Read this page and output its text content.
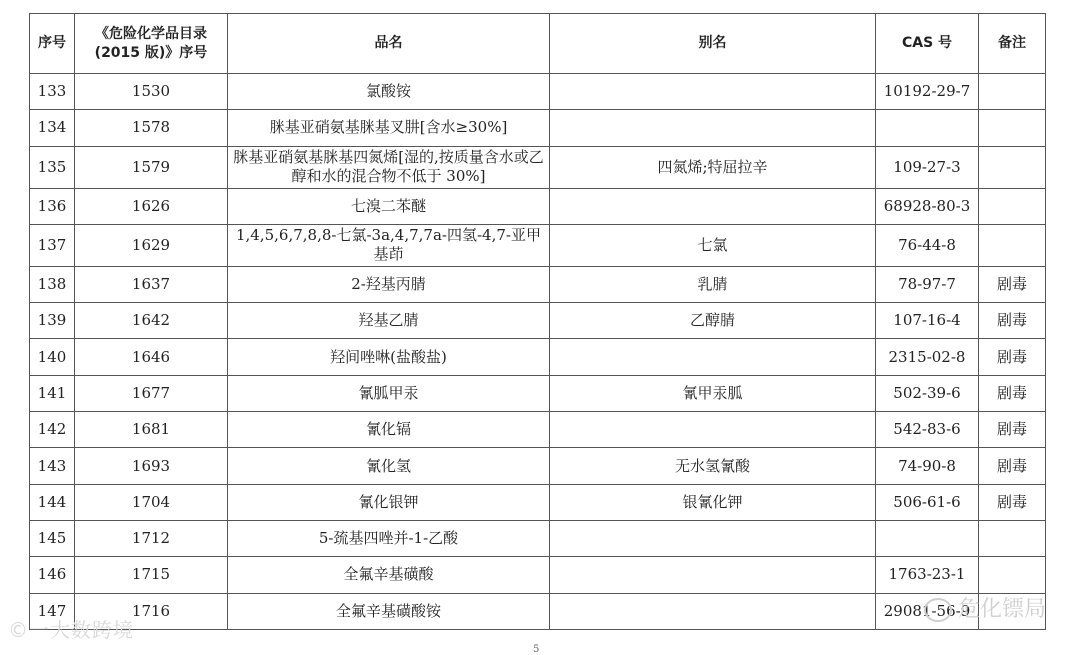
序号	《危险化学品目录
(2015 版)》序号	品名	别名	CAS 号	备注
133	1530	氯酸铵		10192-29-7	
134	1578	脒基亚硝氨基脒基叉肼[含水≥30%]			
135	1579	脒基亚硝氨基脒基四氮烯[湿的,按质量含水或乙醇和水的混合物不低于 30%]	四氮烯;特屈拉辛	109-27-3	
136	1626	七溴二苯醚		68928-80-3	
137	1629	1,4,5,6,7,8,8-七氯-3a,4,7,7a-四氢-4,7-亚甲基茚	七氯	76-44-8	
138	1637	2-羟基丙腈	乳腈	78-97-7	剧毒
139	1642	羟基乙腈	乙醇腈	107-16-4	剧毒
140	1646	羟间唑啉(盐酸盐)		2315-02-8	剧毒
141	1677	氰胍甲汞	氰甲汞胍	502-39-6	剧毒
142	1681	氰化镉		542-83-6	剧毒
143	1693	氰化氢	无水氢氰酸	74-90-8	剧毒
144	1704	氰化银钾	银氰化钾	506-61-6	剧毒
145	1712	5-巯基四唑并-1-乙酸			
146	1715	全氟辛基磺酸		1763-23-1	
147	1716	全氟辛基磺酸铵		29081-56-9	
©一大数跨境
危化镖局
5
